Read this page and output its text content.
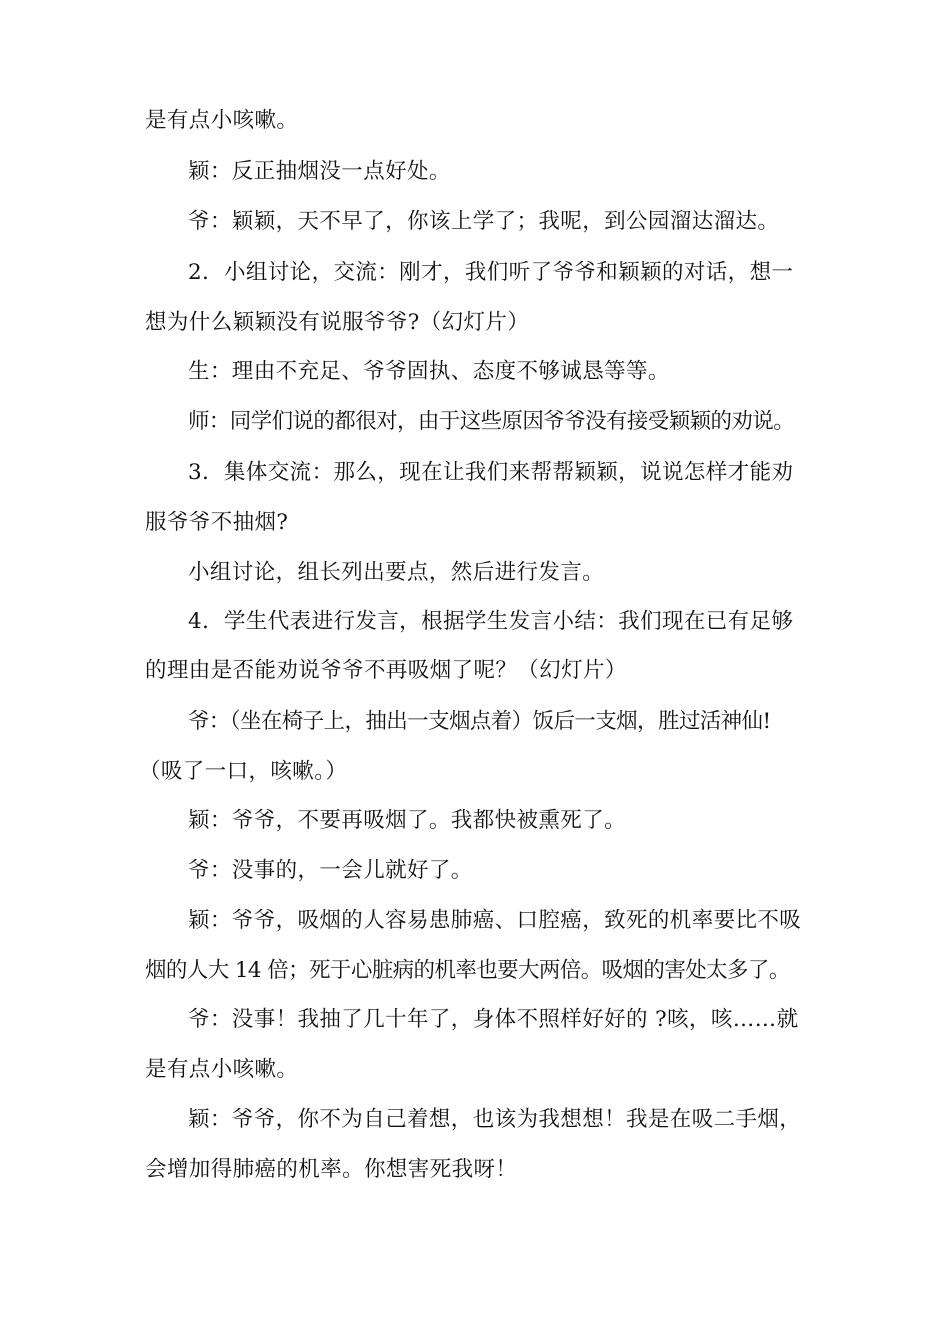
是有点小咳嗽。
颖：反正抽烟没一点好处。
爷：颖颖，天不早了，你该上学了；我呢，到公园溜达溜达。
2．小组讨论，交流：刚才，我们听了爷爷和颖颖的对话，想一
想为什么颖颖没有说服爷爷?（幻灯片）
生：理由不充足、爷爷固执、态度不够诚恳等等。
师：同学们说的都很对，由于这些原因爷爷没有接受颖颖的劝说。
3．集体交流：那么，现在让我们来帮帮颖颖，说说怎样才能劝
服爷爷不抽烟?
小组讨论，组长列出要点，然后进行发言。
4．学生代表进行发言，根据学生发言小结：我们现在已有足够
的理由是否能劝说爷爷不再吸烟了呢？（幻灯片）
爷：（坐在椅子上，抽出一支烟点着）饭后一支烟，胜过活神仙!
（吸了一口，咳嗽。）
颖：爷爷，不要再吸烟了。我都快被熏死了。
爷：没事的，一会儿就好了。
颖：爷爷，吸烟的人容易患肺癌、口腔癌，致死的机率要比不吸
烟的人大 14 倍；死于心脏病的机率也要大两倍。吸烟的害处太多了。
爷：没事！我抽了几十年了，身体不照样好好的 ?咳，咳……就
是有点小咳嗽。
颖：爷爷，你不为自己着想，也该为我想想！我是在吸二手烟，
会增加得肺癌的机率。你想害死我呀！
